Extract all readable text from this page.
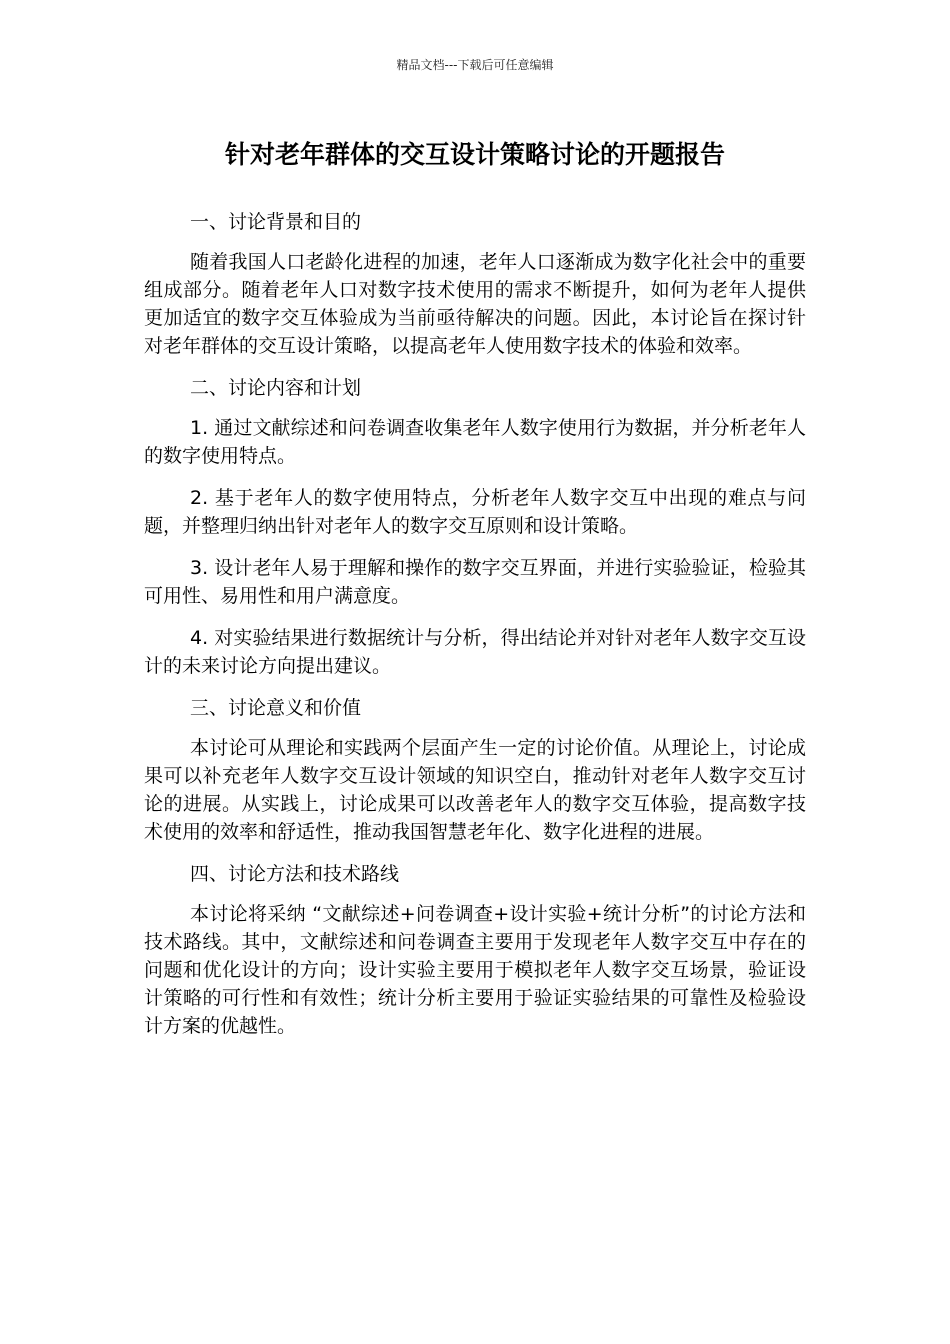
精品文档---下载后可任意编辑
针对老年群体的交互设计策略讨论的开题报告

一、讨论背景和目的

随着我国人口老龄化进程的加速，老年人口逐渐成为数字化社会中的重要组成部分。随着老年人口对数字技术使用的需求不断提升，如何为老年人提供更加适宜的数字交互体验成为当前亟待解决的问题。因此，本讨论旨在探讨针对老年群体的交互设计策略，以提高老年人使用数字技术的体验和效率。

二、讨论内容和计划

1. 通过文献综述和问卷调查收集老年人数字使用行为数据，并分析老年人的数字使用特点。

2. 基于老年人的数字使用特点，分析老年人数字交互中出现的难点与问题，并整理归纳出针对老年人的数字交互原则和设计策略。

3. 设计老年人易于理解和操作的数字交互界面，并进行实验验证，检验其可用性、易用性和用户满意度。

4. 对实验结果进行数据统计与分析，得出结论并对针对老年人数字交互设计的未来讨论方向提出建议。

三、讨论意义和价值

本讨论可从理论和实践两个层面产生一定的讨论价值。从理论上，讨论成果可以补充老年人数字交互设计领域的知识空白，推动针对老年人数字交互讨论的进展。从实践上，讨论成果可以改善老年人的数字交互体验，提高数字技术使用的效率和舒适性，推动我国智慧老年化、数字化进程的进展。

四、讨论方法和技术路线

本讨论将采纳 “文献综述+问卷调查+设计实验+统计分析”的讨论方法和技术路线。其中，文献综述和问卷调查主要用于发现老年人数字交互中存在的问题和优化设计的方向；设计实验主要用于模拟老年人数字交互场景，验证设计策略的可行性和有效性；统计分析主要用于验证实验结果的可靠性及检验设计方案的优越性。
